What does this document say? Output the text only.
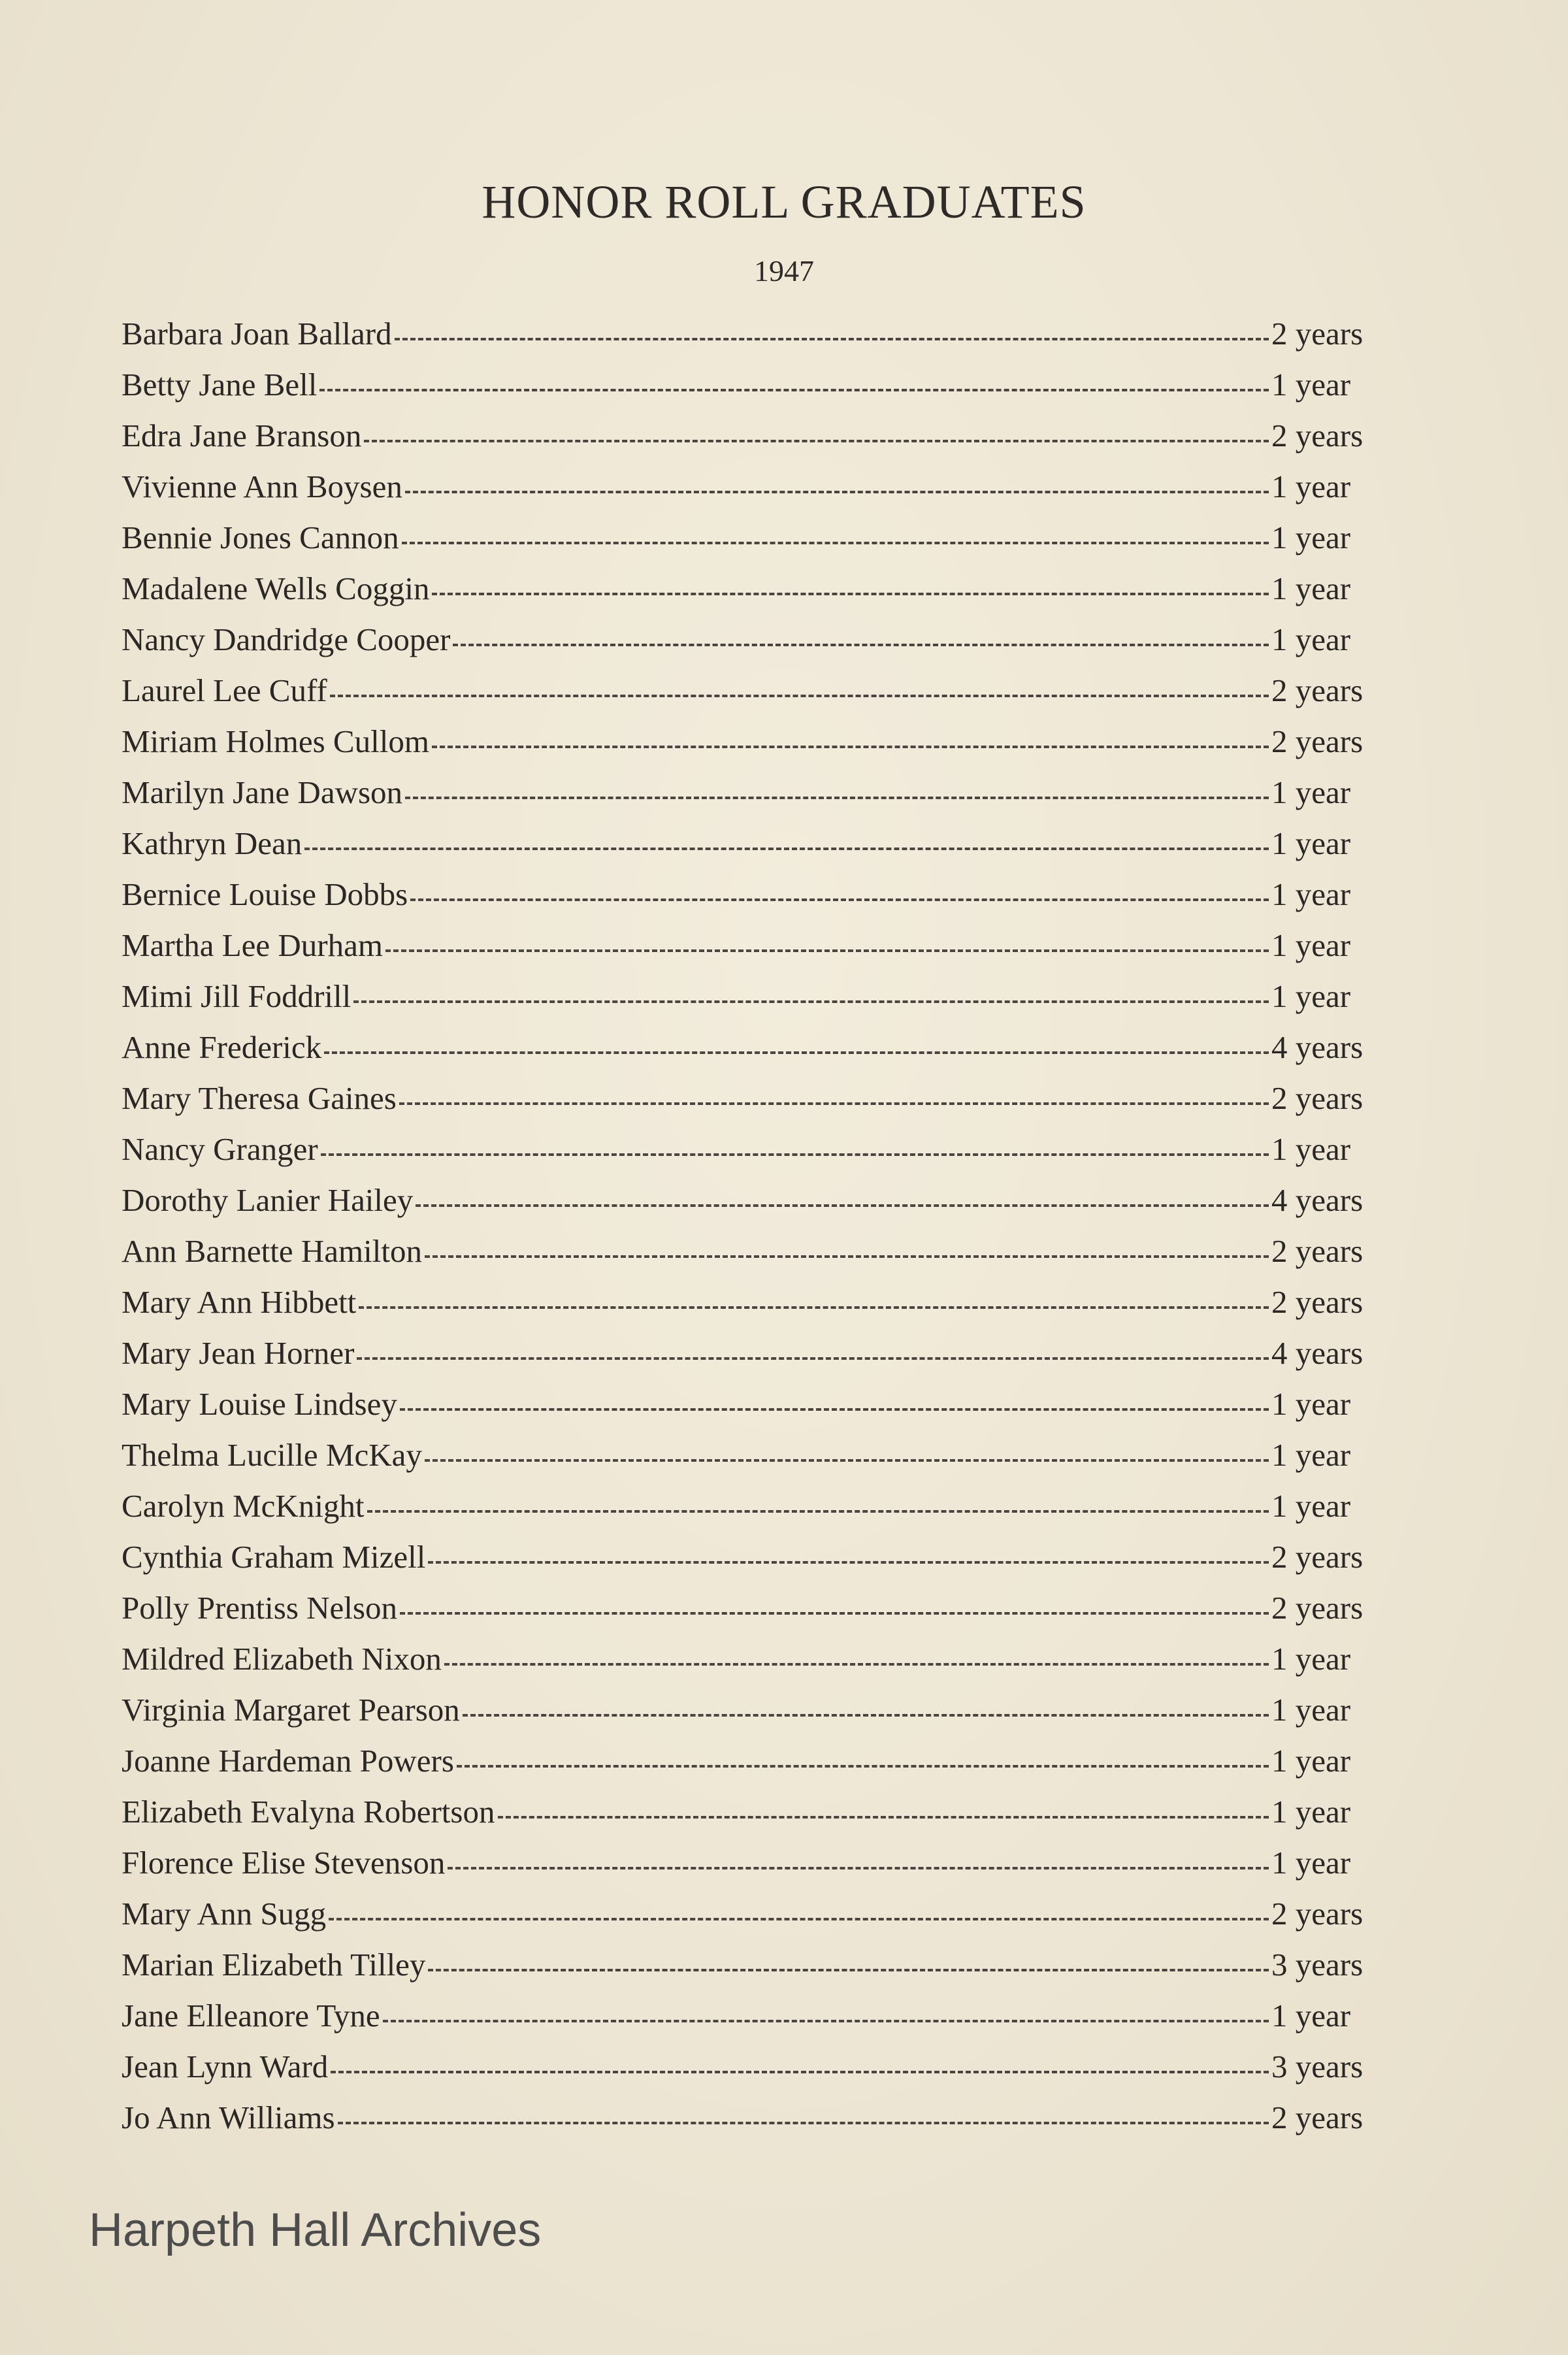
HONOR ROLL GRADUATES
1947
Barbara Joan Ballard	2 years
Betty Jane Bell	1 year
Edra Jane Branson	2 years
Vivienne Ann Boysen	1 year
Bennie Jones Cannon	1 year
Madalene Wells Coggin	1 year
Nancy Dandridge Cooper	1 year
Laurel Lee Cuff	2 years
Miriam Holmes Cullom	2 years
Marilyn Jane Dawson	1 year
Kathryn Dean	1 year
Bernice Louise Dobbs	1 year
Martha Lee Durham	1 year
Mimi Jill Foddrill	1 year
Anne Frederick	4 years
Mary Theresa Gaines	2 years
Nancy Granger	1 year
Dorothy Lanier Hailey	4 years
Ann Barnette Hamilton	2 years
Mary Ann Hibbett	2 years
Mary Jean Horner	4 years
Mary Louise Lindsey	1 year
Thelma Lucille McKay	1 year
Carolyn McKnight	1 year
Cynthia Graham Mizell	2 years
Polly Prentiss Nelson	2 years
Mildred Elizabeth Nixon	1 year
Virginia Margaret Pearson	1 year
Joanne Hardeman Powers	1 year
Elizabeth Evalyna Robertson	1 year
Florence Elise Stevenson	1 year
Mary Ann Sugg	2 years
Marian Elizabeth Tilley	3 years
Jane Elleanore Tyne	1 year
Jean Lynn Ward	3 years
Jo Ann Williams	2 years
Harpeth Hall Archives
